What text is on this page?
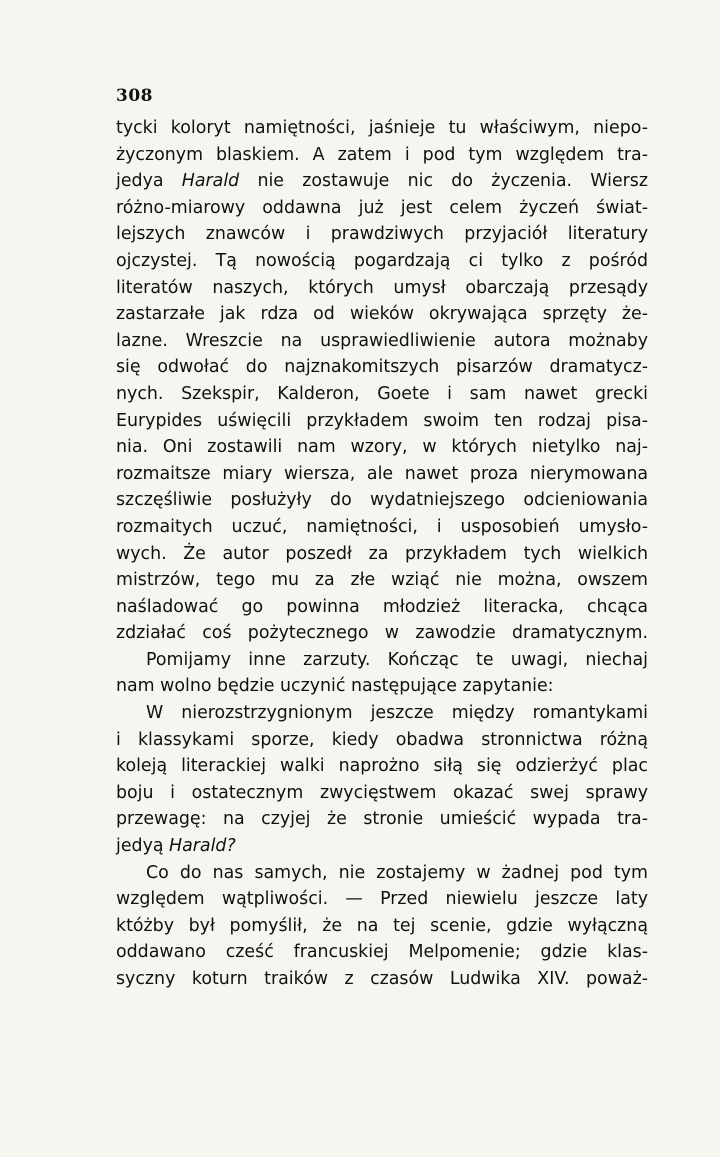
308
tycki koloryt namiętności, jaśnieje tu właściwym, niepo-
życzonym blaskiem. A zatem i pod tym względem tra-
jedya Harald nie zostawuje nic do życzenia. Wiersz
różno-miarowy oddawna już jest celem życzeń świat-
lejszych znawców i prawdziwych przyjaciół literatury
ojczystej. Tą nowością pogardzają ci tylko z pośród
literatów naszych, których umysł obarczają przesądy
zastarzałe jak rdza od wieków okrywająca sprzęty że-
lazne. Wreszcie na usprawiedliwienie autora możnaby
się odwołać do najznakomitszych pisarzów dramatycz-
nych. Szekspir, Kalderon, Goete i sam nawet grecki
Eurypides uświęcili przykładem swoim ten rodzaj pisa-
nia. Oni zostawili nam wzory, w których nietylko naj-
rozmaitsze miary wiersza, ale nawet proza nierymowana
szczęśliwie posłużyły do wydatniejszego odcieniowania
rozmaitych uczuć, namiętności, i usposobień umysło-
wych. Że autor poszedł za przykładem tych wielkich
mistrzów, tego mu za złe wziąć nie można, owszem
naśladować go powinna młodzież literacka, chcąca
zdziałać coś pożytecznego w zawodzie dramatycznym.
Pomijamy inne zarzuty. Kończąc te uwagi, niechaj
nam wolno będzie uczynić następujące zapytanie:
W nierozstrzygnionym jeszcze między romantykami
i klassykami sporze, kiedy obadwa stronnictwa różną
koleją literackiej walki naprożno siłą się odzierżyć plac
boju i ostatecznym zwycięstwem okazać swej sprawy
przewagę: na czyjej że stronie umieścić wypada tra-
jedyą Harald?
Co do nas samych, nie zostajemy w żadnej pod tym
względem wątpliwości. — Przed niewielu jeszcze laty
któżby był pomyślił, że na tej scenie, gdzie wyłączną
oddawano cześć francuskiej Melpomenie; gdzie klas-
syczny koturn traików z czasów Ludwika XIV. poważ-
